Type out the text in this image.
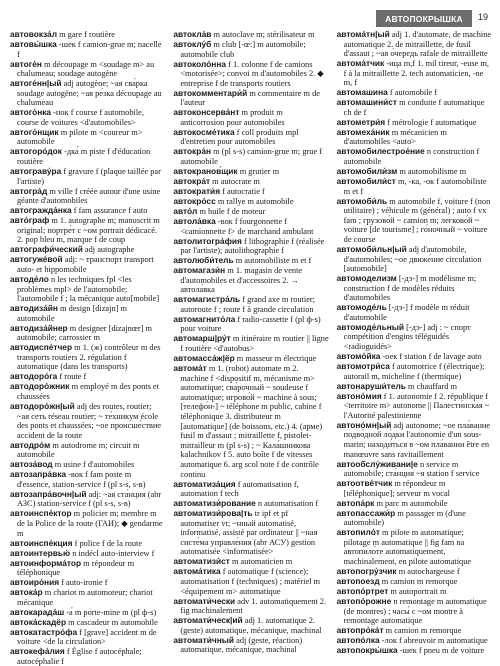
АВТОПОКРЫШКА	19

автовокза́л m gare f routière

автовы́шка -шек f camion-grue m; nacelle f

автоге́н m découpage m <soudage m> au chalumeau; soudage autogène

автоге́нн|ый adj autogène; ~ая сва́рка soudage autogène; ~ая ре́зка découpage au chalumeau

автого́нка -нок f course f automobile, course de voitures <d'automobiles>

автого́нщик m pilote m <coureur m> automobile

автогоро́док -дка́ m piste f d'éducation routière

автограву́ра f gravure f (plaque taillée par l'artiste)

автогра́д m ville f créée autour d'une usine géante d'automobiles

автогражда́нка f fam assurance f auto

авто́граф m 1. autographe m; manuscrit m original; портре́т с ~ом portrait dédicacé. 2. pop bleu m, marque f de coup

автографи́ческий adj autographe

автогуже́вой adj: ~ транспо́рт transport auto- et hippomobile

автоде́ло n les techniques fpl <les problèmes mpl> de l'automobile; l'automobile f ; la mécanique auto[mobile]

автодиза́йн m design [dizajn] m automobile

автодиза́йнер m designer [dizajnœr] m automobile; carrossier m

автодиспе́тчер m 1. (ж) contrôleur m des transports routiers 2. régulation f automatique (dans les transports)

автодоро́га f route f

автодоро́жник m employé m des ponts et chaussées

автодоро́жн|ый adj des routes, routier; ~ая сеть réseau routier; ~ те́хникум école des ponts et chaussées; ~ое происше́ствие accident de la route

автодро́м m autodrome m; circuit m automobile

автоза́вод m usine f d'automobiles

автозапра́вка -вок f fam poste m d'essence, station-service f (pl s-s, s-в)

автозапра́вочн|ый adj: ~ая ста́нция (abr АЗС) station-service f (pl s-s, s-в)

автоинспе́ктор m policier m; membre m de la Police de la route (ГАИ); ◆ gendarme m

автоинспе́кция f police f de la route

автоинтервью́ n indécl auto-interview f

автоинформа́тор m répondeur m téléphonique

автоиро́ния f auto-ironie f

автока́р m chariot m automoteur; chariot mécanique

автокарада́ш -а́ m porte-mine m (pl ф-s)

автока́скадёр m cascadeur m automobile

автокатастро́фа f [grave] accident m de voiture <de la circulation>

автокефа́лия f Église f autocéphale; autocéphalie f

автокла́в m autoclave m; stérilisateur m

автоклу́б m club [-œ:] m automobile; automobile club

автоколо́нна f 1. colonne f de camions <motorisée>; convoi m d'automobiles 2. ◆ entreprise f de transports routiers

автокомментари́й m commentaire m de l'auteur

автоконсерва́нт m produit m anticorrosion pour automobiles

автокосме́тика f coll produits mpl d'entretien pour automobiles

автокра́н m (pl s-s) camion-grue m; grue f automobile

автокранов́щик m grutier m

автокра́т m autocrate m

автократи́я f autocratie f

автокро́сс m rallye m automobile

авто́л m huile f de moteur

автола́вка -вок f fourgonnette f <camionnette f> de marchand ambulant

автолитогра́фия f lithographie f (réalisée par l'artiste); autolithographie f

автолюби́тель m automobiliste m et f

автомагази́н m 1. magasin de vente d'automobiles et d'accessoires 2. → автола́вка

автомагистра́ль f grand axe m routier; autoroute f ; route f à grande circulation

автомагнито́ла f radio-cassette f (pl ф-s) pour voiture

автомарш|ру́т m itinéraire m routier || ligne f routière <d'autobus>

автомасса́ж|ёр m masseur m électrique

автома́т m 1. (robot) automate m 2. machine f <dispositif m, mécanisme m> automatique; сва́рочный ~ soudeuse f automatique; игрово́й ~ machine à sous; [телефо́н-] ~ téléphone m public, cabine f téléphonique 3. distributeur m [automatique] (de boissons, etc.) 4. (арме) fusil m d'assaut ; mitraillette f, pistolet-mitrailleur m (pl s-s) ; ~ Кала́шникова kalachnikov f 5. auto boîte f de vitesses automatique 6. arg scol note f de contrôle continu

автоматиза́ция f automatisation f, automation f tech

автоматизи́рование n automatisation f

автоматизи́рова|ть tr ipf et pf automatiser vt; ~нный automatisé, informatisé, assisté par ordinateur || ~ная систе́ма управле́ния (abr АСУ) gestion automatisée <informatisée>

автоматизи́ст m automaticien m

автома́тика f automatique f (science); automatisation f (techniques) ; matériel m <équipement m> automatique

автомати́чески adv 1. automatiquement 2. fig machinalement

автомати́ческ|ий adj 1. automatique 2. (geste) automatique, mécanique, machinal

автомати́чный adj (geste, réaction) automatique, mécanique, machinal

автома́тн|ый adj 1. d'automate, de machine automatique 2. de mitraillette, de fusil d'assaut ; ~ая о́чередь rafale de mitraillette

автома́тчик -ица m,f 1. mil tireur, -euse m, f à la mitraillette 2. tech automaticien, -ne m, f

автомашина f automobile f

автомашини́ст m conduite f automatique ch de f

автометри́я f métrologie f automatique

автомеха́ник m mécanicien m d'automobiles <auto>

автомобилестрое́ние n construction f automobile

автомобили́зм m automobilisme m

автомобили́ст m, -ка, -ок f automobiliste m et f

автомоби́ль m automobile f, voiture f (non utilitaire) ; véhicule m (général) ; auto f vx fam ; грузово́й ~ camion m; легково́й ~ voiture [de tourisme] ; го́ночный ~ voiture de course

автомоби́льн|ый adj d'automobile, d'automobiles; ~ое движе́ние circulation [automobile]

автомоделизм [-дэ-] m modélisme m; construction f de modèles réduits d'automobiles

автомоде́ль [-дэ-] f modèle m réduit d'automobile

автомоде́льный [-дэ-] adj : ~ спорт compétition d'engins téléguidés <radioguidés>

автомо́йка -оек f station f de lavage auto

автомотри́са f automotrice f (électrique); autorail m, micheline f (thermique)

автонаруши́тель m chauffard m

автоно́мия f 1. autonomie f 2. république f <territoire m> autonome || Палести́нская ~ l'Autorité palestinienne

автоно́мн|ый adj autonome; ~ое пла́вание подво́дной ло́дки l'autonomie d'un sous-marin; находи́ться в ~ом пла́вании être en manœuvre sans ravitaillement

автообслу́живани|е n service m automobile; ста́нция ~я station f service

автоотве́тчик m répondeur m [téléphonique]; serveur m vocal

автопа́рк m parc m automobile

автопассажи́р m passager m (d'une automobile)

автопило́т m pilote m automatique; pilotage m automatique || fig fam na автопило́те automatiquement, machinalement, en pilote automatique

автопогру́зчик m autochargeuse f

автопоезд m camion m remorque

автопо́ртрет m autoportrait m

автопо́рожне n remontage m automatique (de montres) ; часы́ с ~ом montre à remontage automatique

автопро́ка́т m camion m remorque

автопо́лка -лок f abreuvoir m automatique

автопокры́шка -шек f pneu m de voiture
